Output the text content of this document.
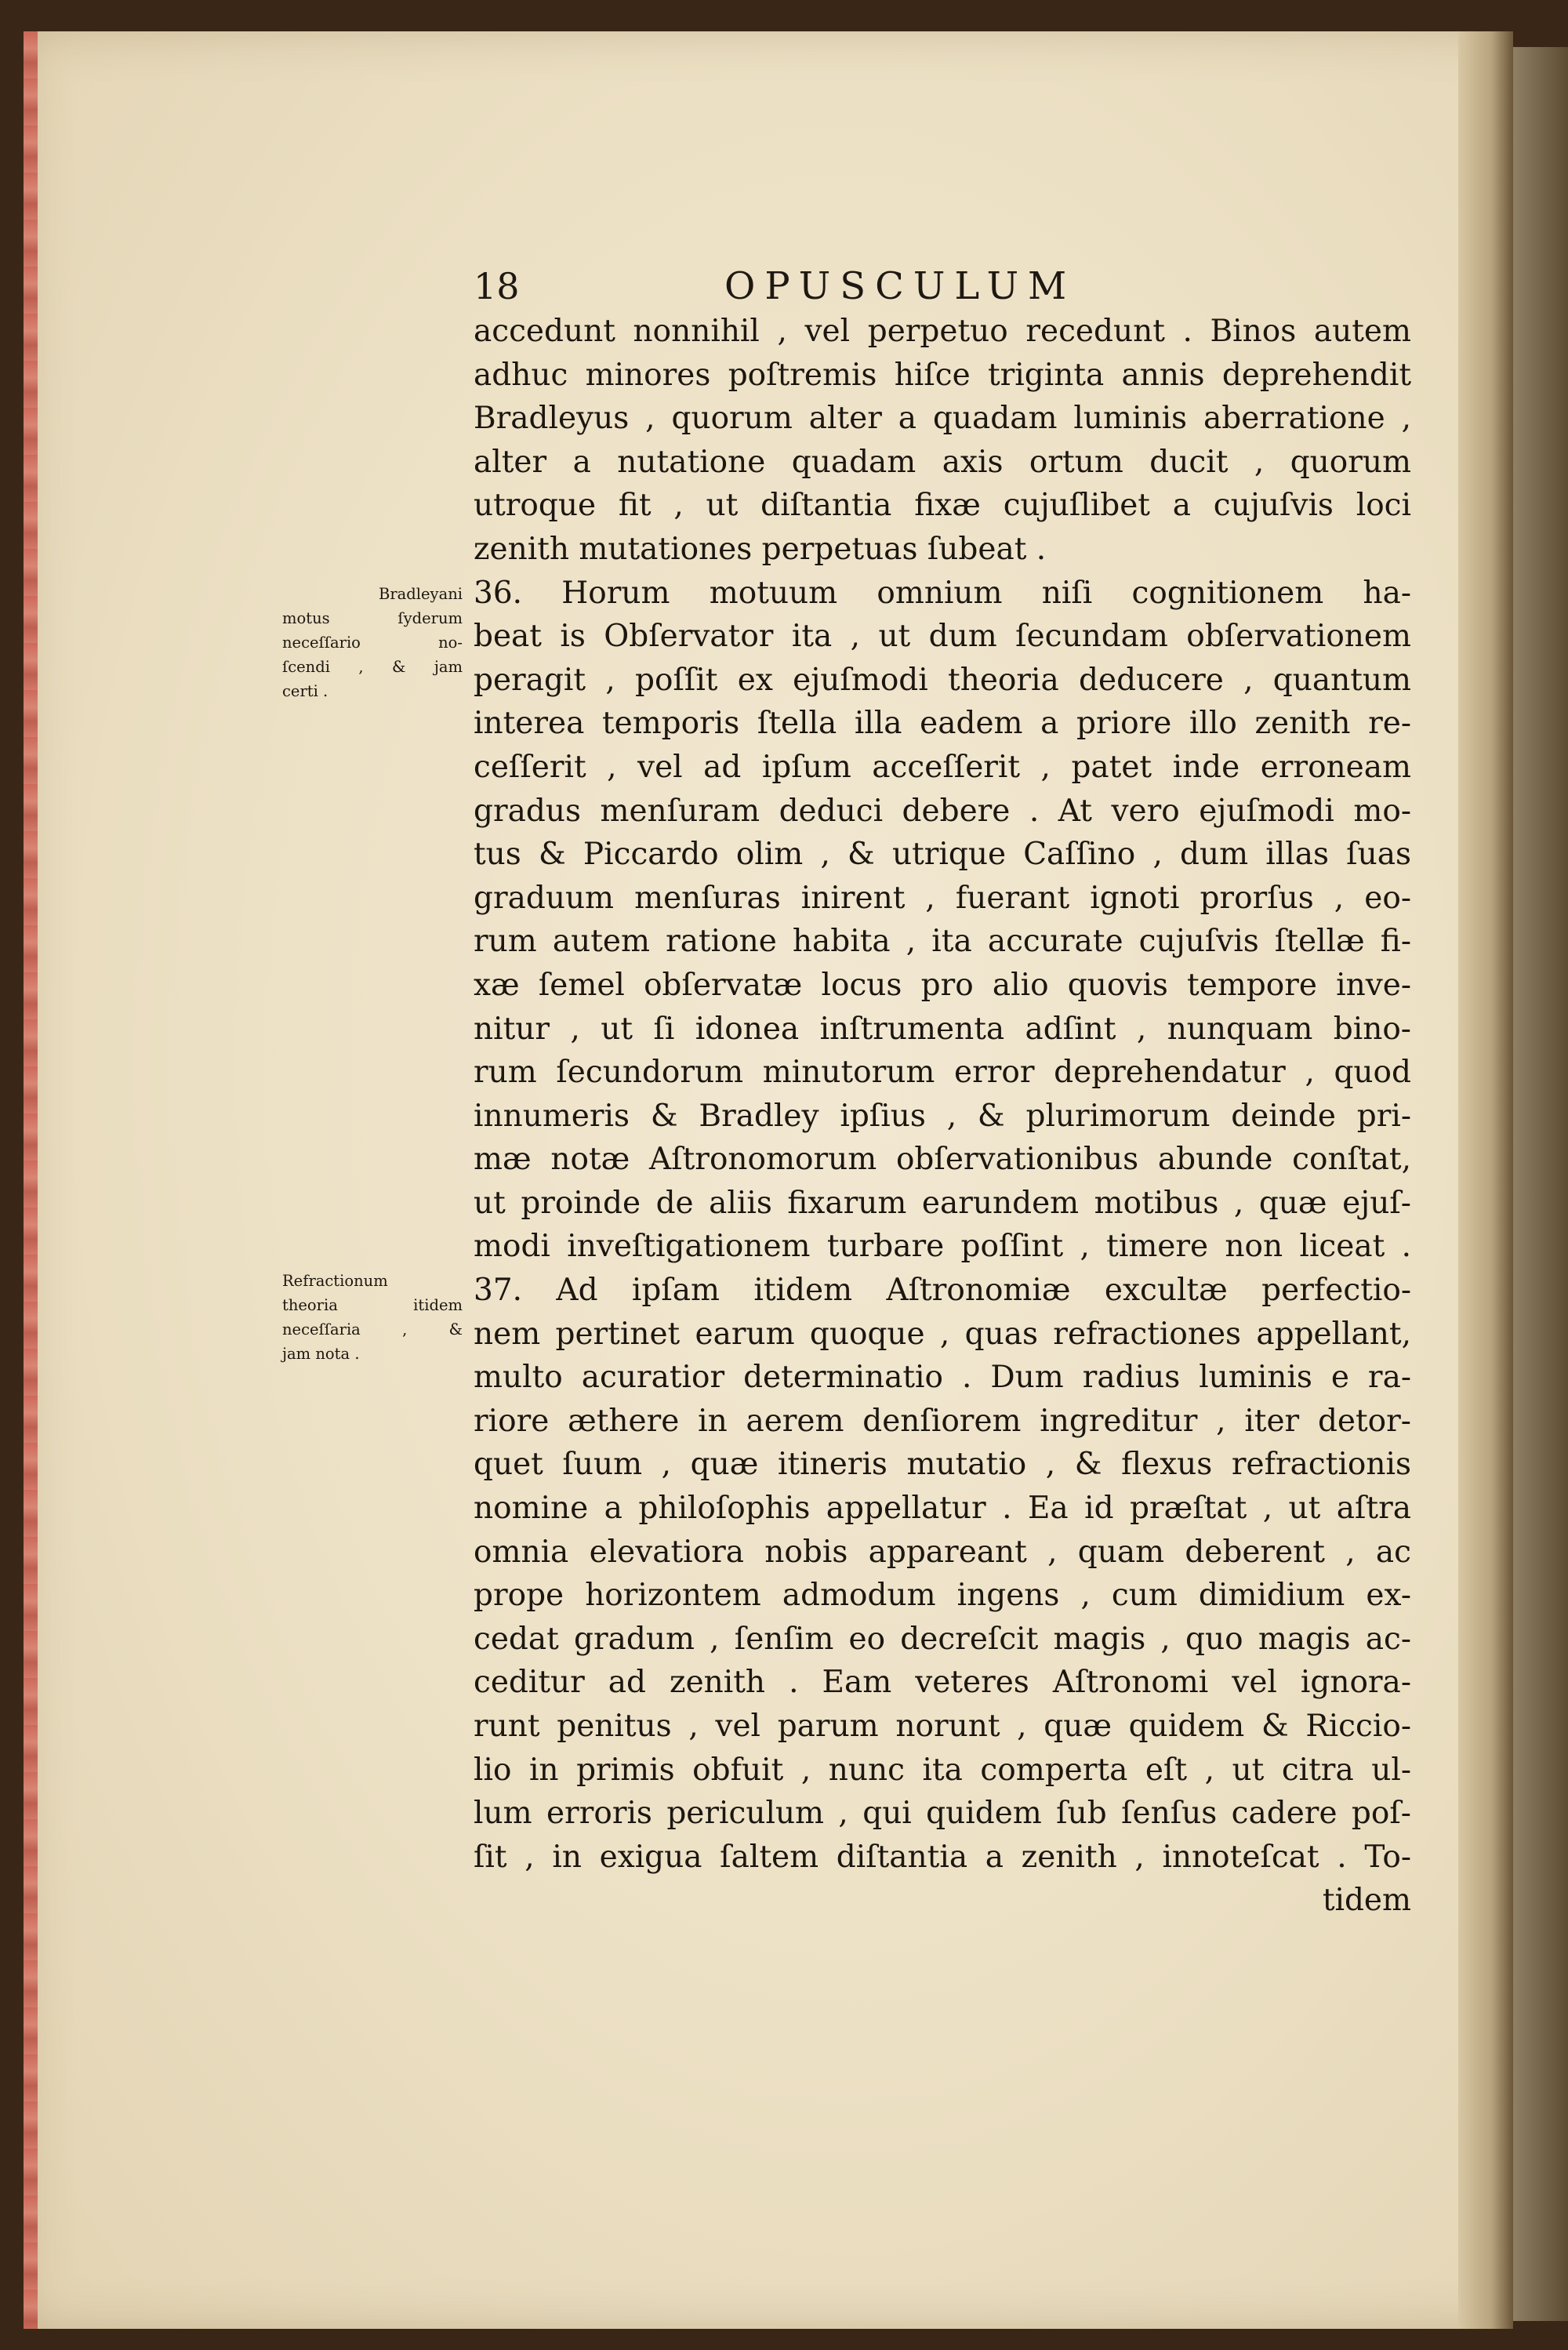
18	OPUSCULUM
accedunt nonnihil , vel perpetuo recedunt . Binos autem
adhuc minores poſtremis hiſce triginta annis deprehendit
Bradleyus , quorum alter a quadam luminis aberratione ,
alter a nutatione quadam axis ortum ducit , quorum
utroque fit , ut diſtantia fixæ cujuſlibet a cujuſvis loci
zenith mutationes perpetuas ſubeat .
36. Horum motuum omnium niſi cognitionem ha-
beat is Obſervator ita , ut dum ſecundam obſervationem
peragit , poſſit ex ejuſmodi theoria deducere , quantum
interea temporis ſtella illa eadem a priore illo zenith re-
ceſſerit , vel ad ipſum acceſſerit , patet inde erroneam
gradus menſuram deduci debere . At vero ejuſmodi mo-
tus & Piccardo olim , & utrique Caſſino , dum illas ſuas
graduum menſuras inirent , fuerant ignoti prorſus , eo-
rum autem ratione habita , ita accurate cujuſvis ſtellæ fi-
xæ ſemel obſervatæ locus pro alio quovis tempore inve-
nitur , ut ſi idonea inſtrumenta adſint , nunquam bino-
rum ſecundorum minutorum error deprehendatur , quod
innumeris & Bradley ipſius , & plurimorum deinde pri-
mæ notæ Aſtronomorum obſervationibus abunde conſtat,
ut proinde de aliis fixarum earundem motibus , quæ ejuſ-
modi inveſtigationem turbare poſſint , timere non liceat .
37. Ad ipſam itidem Aſtronomiæ excultæ perfectio-
nem pertinet earum quoque , quas refractiones appellant,
multo acuratior determinatio . Dum radius luminis e ra-
riore æthere in aerem denſiorem ingreditur , iter detor-
quet ſuum , quæ itineris mutatio , & flexus refractionis
nomine a philoſophis appellatur . Ea id præſtat , ut aſtra
omnia elevatiora nobis appareant , quam deberent , ac
prope horizontem admodum ingens , cum dimidium ex-
cedat gradum , ſenſim eo decreſcit magis , quo magis ac-
ceditur ad zenith . Eam veteres Aſtronomi vel ignora-
runt penitus , vel parum norunt , quæ quidem & Riccio-
lio in primis obfuit , nunc ita comperta eſt , ut citra ul-
lum erroris periculum , qui quidem ſub ſenſus cadere poſ-
ſit , in exigua ſaltem diſtantia a zenith , innoteſcat . To-
tidem
Bradleyani
motus ſyderum
neceſſario no-
ſcendi , & jam
certi .
Refractionum
theoria itidem
neceſſaria , &
jam nota .
